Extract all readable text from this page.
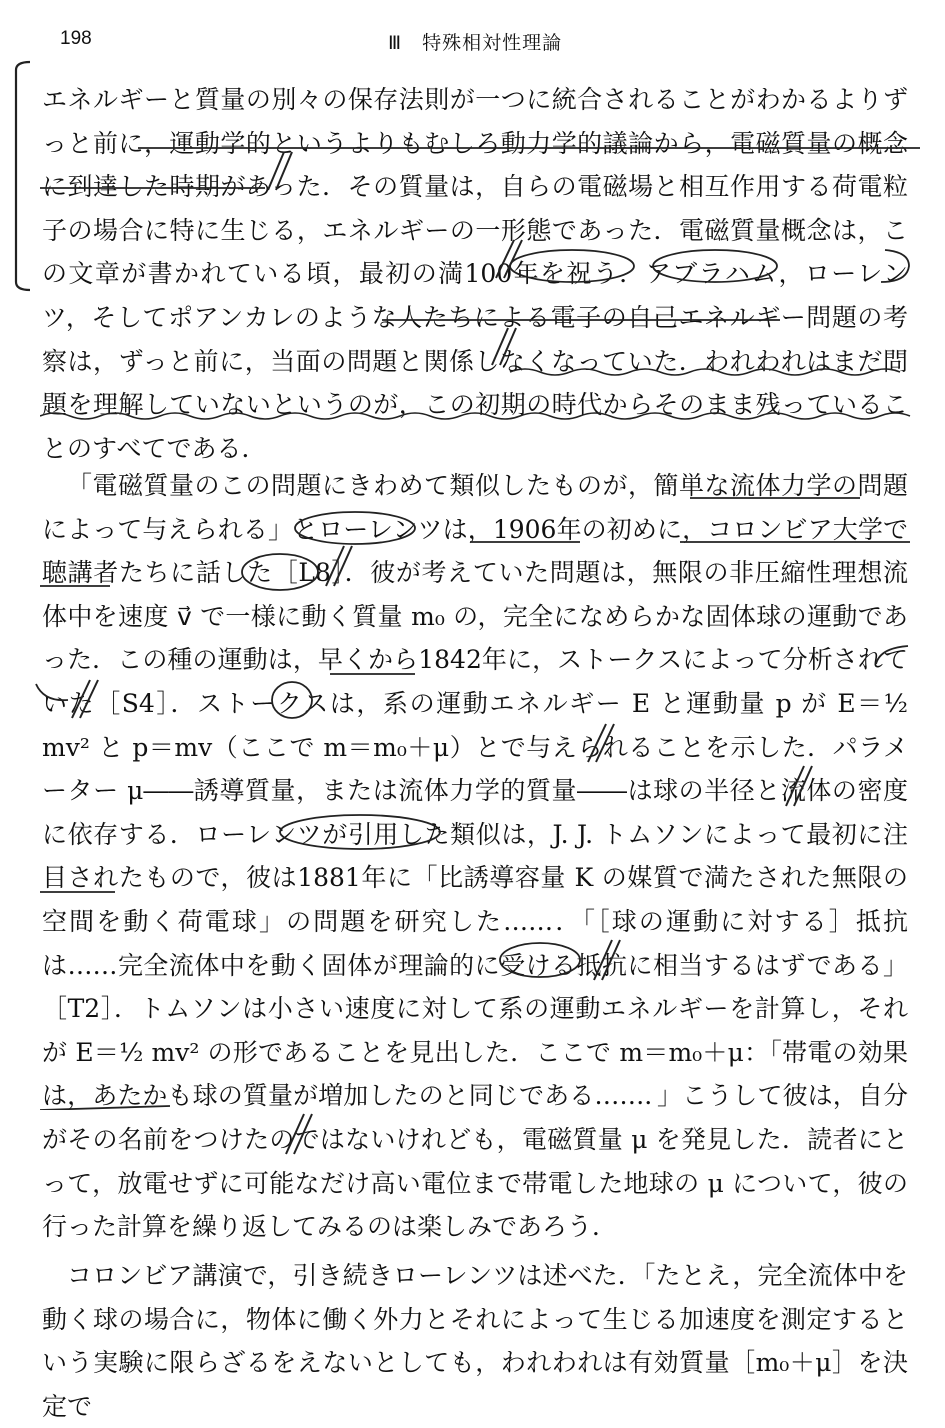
198	Ⅲ　特殊相対性理論
エネルギーと質量の別々の保存法則が一つに統合されることがわかるよりずっと前に，運動学的というよりもむしろ動力学的議論から，電磁質量の概念に到達した時期があった．その質量は，自らの電磁場と相互作用する荷電粒子の場合に特に生じる，エネルギーの一形態であった．電磁質量概念は，この文章が書かれている頃，最初の満100年を祝う．アブラハム，ローレンツ，そしてポアンカレのような人たちによる電子の自己エネルギー問題の考察は，ずっと前に，当面の問題と関係しなくなっていた．われわれはまだ問題を理解していないというのが，この初期の時代からそのまま残っていることのすべてである．
「電磁質量のこの問題にきわめて類似したものが，簡単な流体力学の問題によって与えられる」とローレンツは，1906年の初めに，コロンビア大学で聴講者たちに話した［L8］．彼が考えていた問題は，無限の非圧縮性理想流体中を速度 v⃗ で一様に動く質量 m₀ の，完全になめらかな固体球の運動であった．この種の運動は，早くから1842年に，ストークスによって分析されていた［S4］．ストークスは，系の運動エネルギー E と運動量 p が E＝½ mv² と p＝mv（ここで m＝m₀＋μ）とで与えられることを示した．パラメーター μ――誘導質量，または流体力学的質量――は球の半径と流体の密度に依存する．ローレンツが引用した類似は，J. J. トムソンによって最初に注目されたもので，彼は1881年に「比誘導容量 K の媒質で満たされた無限の空間を動く荷電球」の問題を研究した……．「［球の運動に対する］抵抗は……完全流体中を動く固体が理論的に受ける抵抗に相当するはずである」［T2］．トムソンは小さい速度に対して系の運動エネルギーを計算し，それが E＝½ mv² の形であることを見出した．ここで m＝m₀＋μ：「帯電の効果は，あたかも球の質量が増加したのと同じである……．」こうして彼は，自分がその名前をつけたのではないけれども，電磁質量 μ を発見した．読者にとって，放電せずに可能なだけ高い電位まで帯電した地球の μ について，彼の行った計算を繰り返してみるのは楽しみであろう．
コロンビア講演で，引き続きローレンツは述べた．「たとえ，完全流体中を動く球の場合に，物体に働く外力とそれによって生じる加速度を測定するという実験に限らざるをえないとしても，われわれは有効質量［m₀＋μ］を決定で
